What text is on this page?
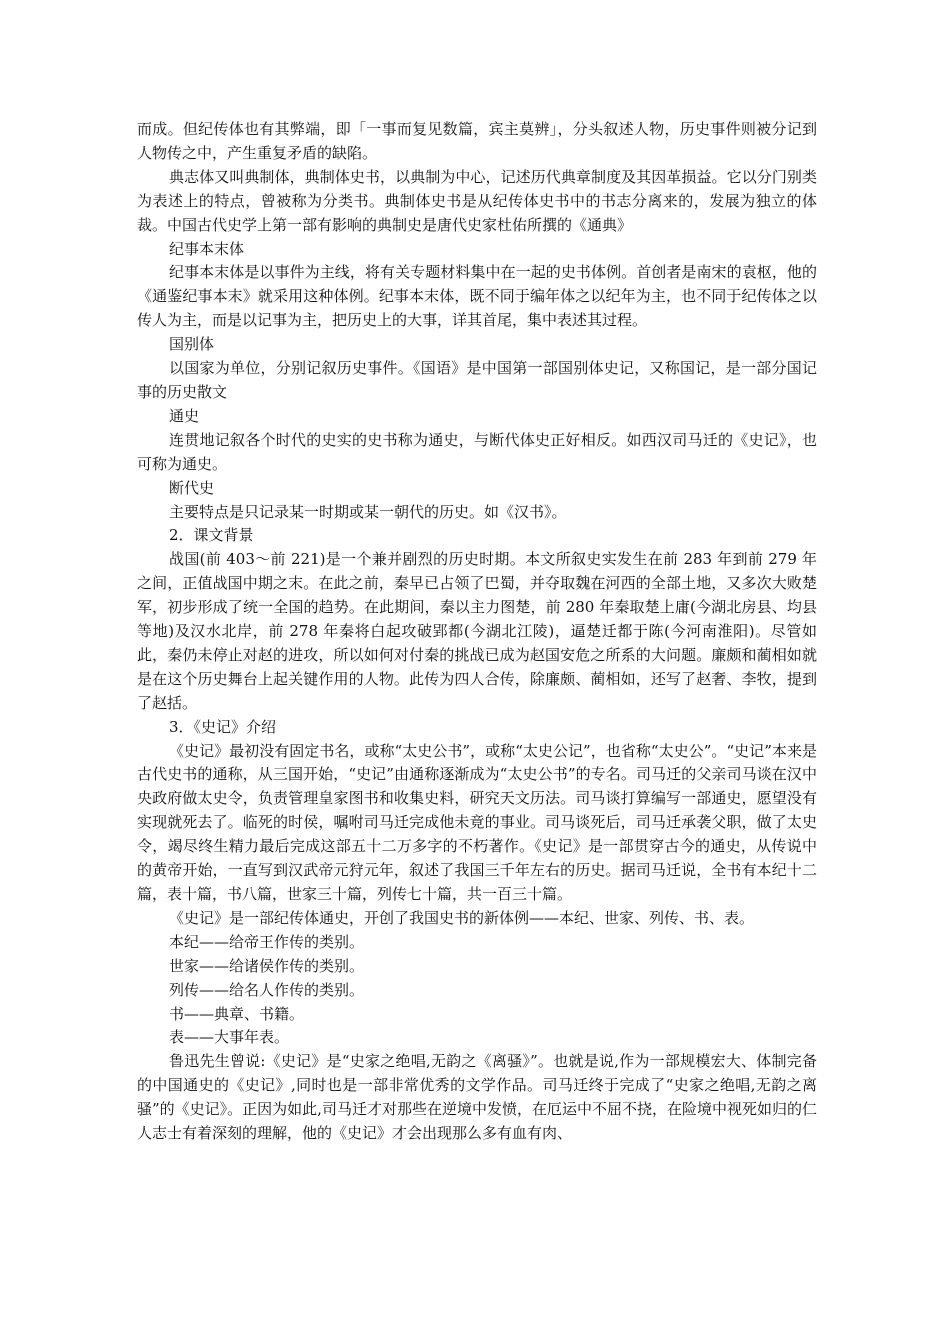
而成。但纪传体也有其弊端，即「一事而复见数篇，宾主莫辨」，分头叙述人物，历史事件则被分记到人物传之中，产生重复矛盾的缺陷。

典志体又叫典制体，典制体史书，以典制为中心，记述历代典章制度及其因革损益。它以分门别类为表述上的特点，曾被称为分类书。典制体史书是从纪传体史书中的书志分离来的，发展为独立的体裁。中国古代史学上第一部有影响的典制史是唐代史家杜佑所撰的《通典》

纪事本末体

纪事本末体是以事件为主线，将有关专题材料集中在一起的史书体例。首创者是南宋的袁枢，他的《通鉴纪事本末》就采用这种体例。纪事本末体，既不同于编年体之以纪年为主，也不同于纪传体之以传人为主，而是以记事为主，把历史上的大事，详其首尾，集中表述其过程。

国别体

以国家为单位，分别记叙历史事件。《国语》是中国第一部国别体史记，又称国记，是一部分国记事的历史散文

通史

连贯地记叙各个时代的史实的史书称为通史，与断代体史正好相反。如西汉司马迁的《史记》，也可称为通史。

断代史

主要特点是只记录某一时期或某一朝代的历史。如《汉书》。

2．课文背景

战国(前 403～前 221)是一个兼并剧烈的历史时期。本文所叙史实发生在前 283 年到前 279 年之间，正值战国中期之末。在此之前，秦早已占领了巴蜀，并夺取魏在河西的全部土地，又多次大败楚军，初步形成了统一全国的趋势。在此期间，秦以主力图楚，前 280 年秦取楚上庸(今湖北房县、均县等地)及汉水北岸，前 278 年秦将白起攻破郢都(今湖北江陵)，逼楚迁都于陈(今河南淮阳)。尽管如此，秦仍未停止对赵的进攻，所以如何对付秦的挑战已成为赵国安危之所系的大问题。廉颇和蔺相如就是在这个历史舞台上起关键作用的人物。此传为四人合传，除廉颇、蔺相如，还写了赵奢、李牧，提到了赵括。

3．《史记》介绍

《史记》最初没有固定书名，或称“太史公书”，或称“太史公记”，也省称“太史公”。“史记”本来是古代史书的通称，从三国开始，“史记”由通称逐渐成为“太史公书”的专名。司马迁的父亲司马谈在汉中央政府做太史令，负责管理皇家图书和收集史料，研究天文历法。司马谈打算编写一部通史，愿望没有实现就死去了。临死的时侯，嘱咐司马迁完成他未竟的事业。司马谈死后，司马迁承袭父职，做了太史令，竭尽终生精力最后完成这部五十二万多字的不朽著作。《史记》是一部贯穿古今的通史，从传说中的黄帝开始，一直写到汉武帝元狩元年，叙述了我国三千年左右的历史。据司马迁说，全书有本纪十二篇，表十篇，书八篇，世家三十篇，列传七十篇，共一百三十篇。

《史记》是一部纪传体通史，开创了我国史书的新体例——本纪、世家、列传、书、表。

本纪——给帝王作传的类别。

世家——给诸侯作传的类别。

列传——给名人作传的类别。

书——典章、书籍。

表——大事年表。

鲁迅先生曾说:《史记》是“史家之绝唱,无韵之《离骚》”。也就是说,作为一部规模宏大、体制完备的中国通史的《史记》,同时也是一部非常优秀的文学作品。司马迁终于完成了“史家之绝唱,无韵之离骚”的《史记》。正因为如此,司马迁才对那些在逆境中发愤，在厄运中不屈不挠，在险境中视死如归的仁人志士有着深刻的理解，他的《史记》才会出现那么多有血有肉、
